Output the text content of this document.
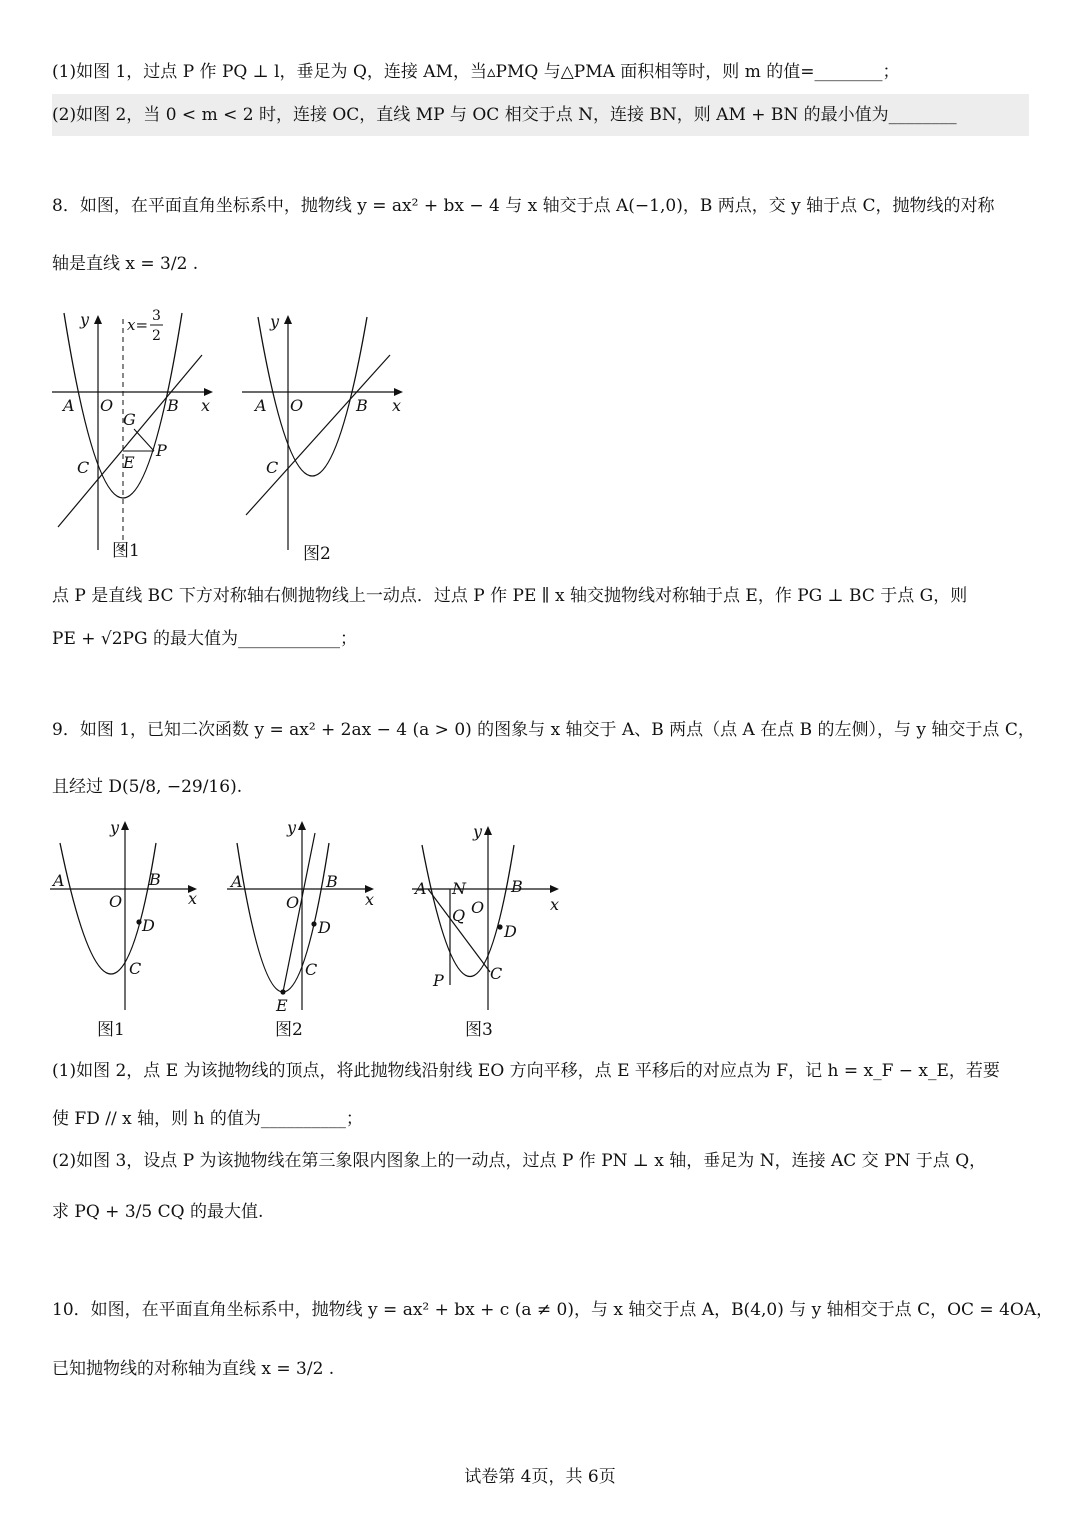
(1)如图 1，过点 P 作 PQ ⊥ l，垂足为 Q，连接 AM，当▵PMQ 与△PMA 面积相等时，则 m 的值=________；
(2)如图 2，当 0 < m < 2 时，连接 OC，直线 MP 与 OC 相交于点 N，连接 BN，则 AM + BN 的最小值为________
8．如图，在平面直角坐标系中，抛物线 y = ax² + bx − 4 与 x 轴交于点 A(−1,0)，B 两点，交 y 轴于点 C，抛物线的对称
轴是直线 x = 3/2 .
y	x= 3
2
A O	B x
G
C E
P
图1
y
A O	B x
C
图2
点 P 是直线 BC 下方对称轴右侧抛物线上一动点．过点 P 作 PE ∥ x 轴交抛物线对称轴于点 E，作 PG ⊥ BC 于点 G，则
PE + √2PG 的最大值为____________；
9．如图 1，已知二次函数 y = ax² + 2ax − 4 (a > 0) 的图象与 x 轴交于 A、B 两点（点 A 在点 B 的左侧），与 y 轴交于点 C，
且经过 D(5/8, −29/16).
y
A	B
O	x
D
C
图1
y
A	B
O	x
D
C
E
图2
y
A N	B
Q O	x
D
P	C
图3
(1)如图 2，点 E 为该抛物线的顶点，将此抛物线沿射线 EO 方向平移，点 E 平移后的对应点为 F，记 h = x_F − x_E，若要
使 FD // x 轴，则 h 的值为__________；
(2)如图 3，设点 P 为该抛物线在第三象限内图象上的一动点，过点 P 作 PN ⊥ x 轴，垂足为 N，连接 AC 交 PN 于点 Q，
求 PQ + 3/5 CQ 的最大值.
10．如图，在平面直角坐标系中，抛物线 y = ax² + bx + c (a ≠ 0)，与 x 轴交于点 A，B(4,0) 与 y 轴相交于点 C，OC = 4OA，
已知抛物线的对称轴为直线 x = 3/2 .
试卷第 4页，共 6页
